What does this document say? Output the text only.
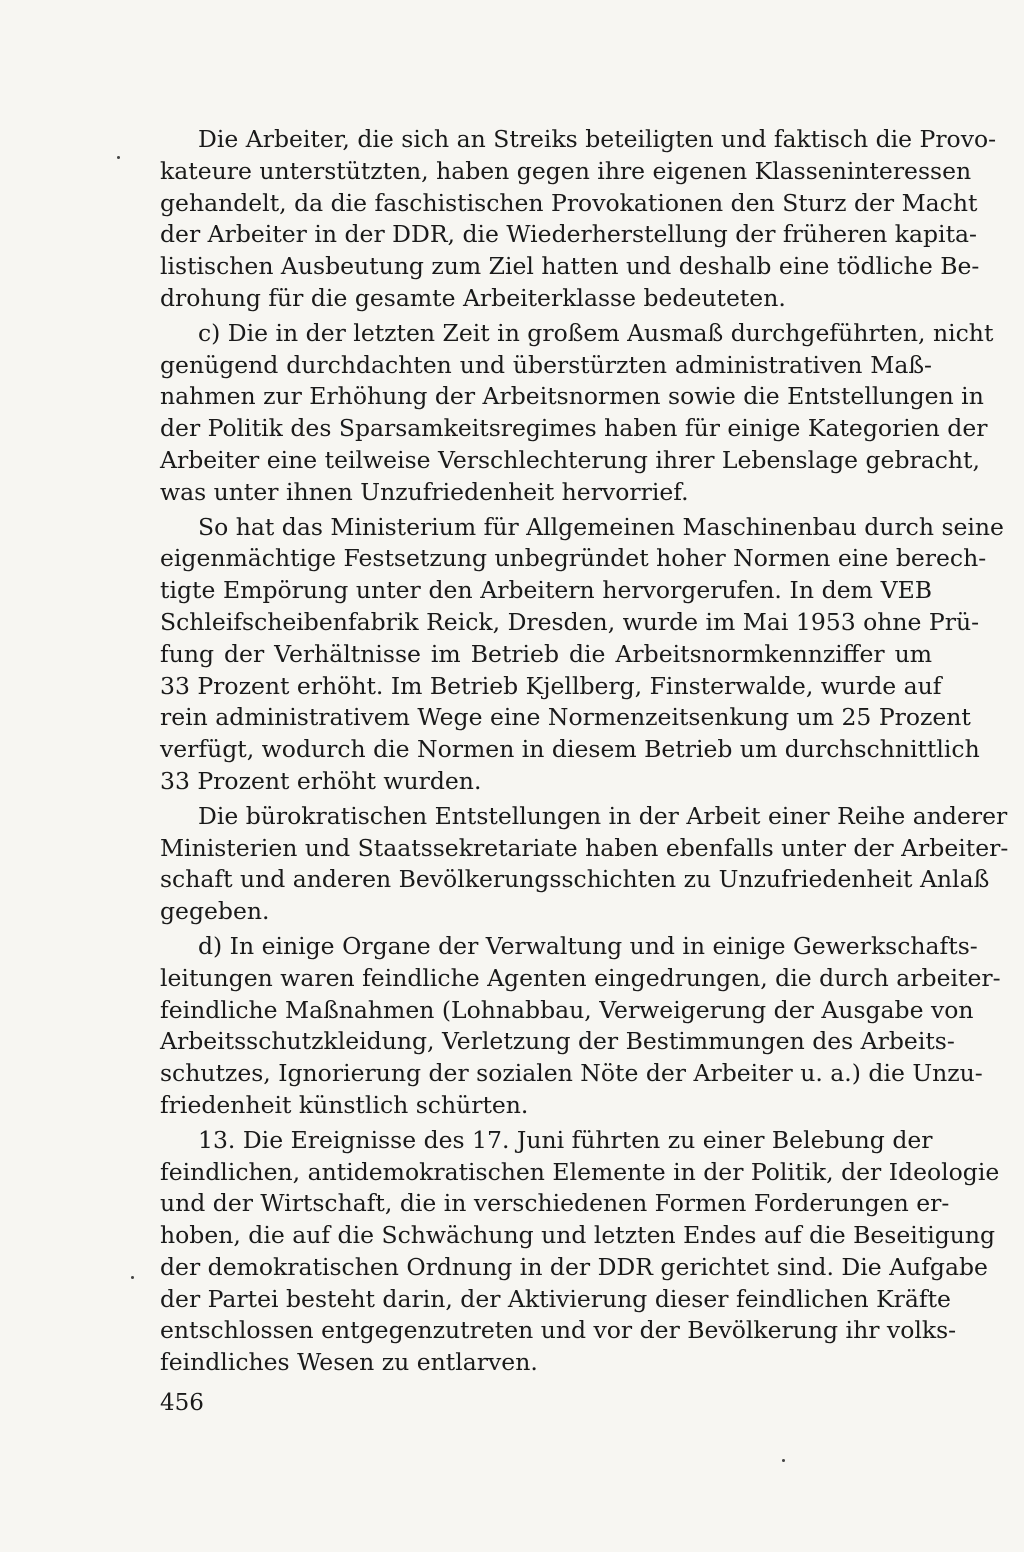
Die Arbeiter, die sich an Streiks beteiligten und faktisch die Provo-
kateure unterstützten, haben gegen ihre eigenen Klasseninteressen
gehandelt, da die faschistischen Provokationen den Sturz der Macht
der Arbeiter in der DDR, die Wiederherstellung der früheren kapita-
listischen Ausbeutung zum Ziel hatten und deshalb eine tödliche Be-
drohung für die gesamte Arbeiterklasse bedeuteten.
c) Die in der letzten Zeit in großem Ausmaß durchgeführten, nicht
genügend durchdachten und überstürzten administrativen Maß-
nahmen zur Erhöhung der Arbeitsnormen sowie die Entstellungen in
der Politik des Sparsamkeitsregimes haben für einige Kategorien der
Arbeiter eine teilweise Verschlechterung ihrer Lebenslage gebracht,
was unter ihnen Unzufriedenheit hervorrief.
So hat das Ministerium für Allgemeinen Maschinenbau durch seine
eigenmächtige Festsetzung unbegründet hoher Normen eine berech-
tigte Empörung unter den Arbeitern hervorgerufen. In dem VEB
Schleifscheibenfabrik Reick, Dresden, wurde im Mai 1953 ohne Prü-
fung der Verhältnisse im Betrieb die Arbeitsnormkennziffer um
33 Prozent erhöht. Im Betrieb Kjellberg, Finsterwalde, wurde auf
rein administrativem Wege eine Normenzeitsenkung um 25 Prozent
verfügt, wodurch die Normen in diesem Betrieb um durchschnittlich
33 Prozent erhöht wurden.
Die bürokratischen Entstellungen in der Arbeit einer Reihe anderer
Ministerien und Staatssekretariate haben ebenfalls unter der Arbeiter-
schaft und anderen Bevölkerungsschichten zu Unzufriedenheit Anlaß
gegeben.
d) In einige Organe der Verwaltung und in einige Gewerkschafts-
leitungen waren feindliche Agenten eingedrungen, die durch arbeiter-
feindliche Maßnahmen (Lohnabbau, Verweigerung der Ausgabe von
Arbeitsschutzkleidung, Verletzung der Bestimmungen des Arbeits-
schutzes, Ignorierung der sozialen Nöte der Arbeiter u. a.) die Unzu-
friedenheit künstlich schürten.
13. Die Ereignisse des 17. Juni führten zu einer Belebung der
feindlichen, antidemokratischen Elemente in der Politik, der Ideologie
und der Wirtschaft, die in verschiedenen Formen Forderungen er-
hoben, die auf die Schwächung und letzten Endes auf die Beseitigung
der demokratischen Ordnung in der DDR gerichtet sind. Die Aufgabe
der Partei besteht darin, der Aktivierung dieser feindlichen Kräfte
entschlossen entgegenzutreten und vor der Bevölkerung ihr volks-
feindliches Wesen zu entlarven.
456
